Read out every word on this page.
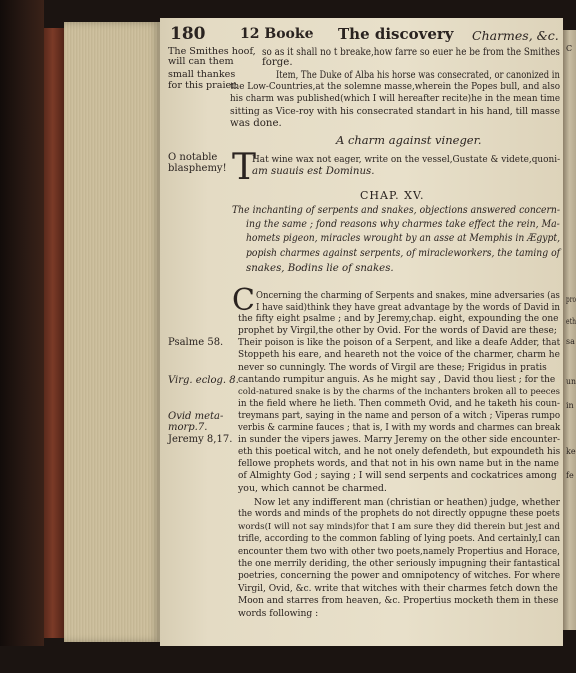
180 12 Booke The discovery Charmes, &c.
The Smithes hoof,
will can them
small thankes
for this praier.
so as it shall no t breake,how farre so euer he be from the Smithes
forge.
Item, The Duke of Alba his horse was consecrated, or canonized in
the Low-Countries,at the solemne masse,wherein the Popes bull, and also
his charm was published(which I will hereafter recite)he in the mean time
sitting as Vice-roy with his consecrated standart in his hand, till masse
was done.
A charm against vineger.
O notable
blasphemy! T
Hat wine wax not eager, write on the vessel,Gustate & videte,quoni-
am suauis est Dominus.
CHAP. XV.
The inchanting of serpents and snakes, objections answered concern-
ing the same ; fond reasons why charmes take effect the rein, Ma-
homets pigeon, miracles wrought by an asse at Memphis in Ægypt,
popish charmes against serpents, of miracleworkers, the taming of
snakes, Bodins lie of snakes.
C Oncerning the charming of Serpents and snakes, mine adversaries (as
I have said)think they have great advantage by the words of David in
the fifty eight psalme ; and by Jeremy,chap. eight, expounding the one
prophet by Virgil,the other by Ovid. For the words of David are these;
Psalme 58. Their poison is like the poison of a Serpent, and like a deafe Adder, that
Stoppeth his eare, and heareth not the voice of the charmer, charm he
never so cunningly. The words of Virgil are these; Frigidus in pratis
Virg. eclog. 8. cantando rumpitur anguis. As he might say , David thou liest ; for the
cold-natured snake is by the charms of the inchanters broken all to peeces
in the field where he lieth. Then commeth Ovid, and he taketh his coun-
Ovid meta- treymans part, saying in the name and person of a witch ; Viperas rumpo
morp.7.	verbis & carmine fauces ; that is, I with my words and charmes can break
Jeremy 8,17. in sunder the vipers jawes. Marry Jeremy on the other side encounter-
eth this poetical witch, and he not onely defendeth, but expoundeth his
fellowe prophets words, and that not in his own name but in the name
of Almighty God ; saying ; I will send serpents and cockatrices among
you, which cannot be charmed.
Now let any indifferent man (christian or heathen) judge, whether
the words and minds of the prophets do not directly oppugne these poets
words(I will not say minds)for that I am sure they did therein but jest and
trifle, according to the common fabling of lying poets. And certainly,I can
encounter them two with other two poets,namely Propertius and Horace,
the one merrily deriding, the other seriously impugning their fantastical
poetries, concerning the power and omnipotency of witches. For where
Virgil, Ovid, &c. write that witches with their charmes fetch down the
Moon and starres from heaven, &c. Propertius mocketh them in these
words following :
C
pro
eth
sa
un
in
ke
fe
